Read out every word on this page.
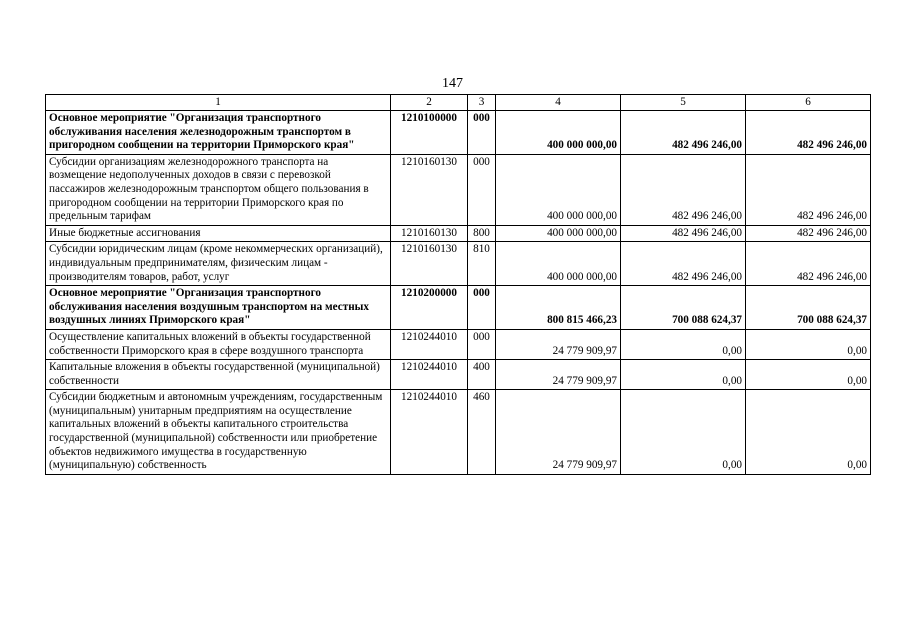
147
1	2	3	4	5	6
Основное мероприятие "Организация транспортного обслуживания населения железнодорожным транспортом в пригородном сообщении на территории Приморского края"	1210100000	000	400 000 000,00	482 496 246,00	482 496 246,00
Субсидии организациям железнодорожного транспорта на возмещение недополученных доходов в связи с перевозкой пассажиров железнодорожным транспортом общего пользования в пригородном сообщении на территории Приморского края по предельным тарифам	1210160130	000	400 000 000,00	482 496 246,00	482 496 246,00
Иные бюджетные ассигнования	1210160130	800	400 000 000,00	482 496 246,00	482 496 246,00
Субсидии юридическим лицам (кроме некоммерческих организаций), индивидуальным предпринимателям, физическим лицам - производителям товаров, работ, услуг	1210160130	810	400 000 000,00	482 496 246,00	482 496 246,00
Основное мероприятие "Организация транспортного обслуживания населения воздушным транспортом на местных воздушных линиях Приморского края"	1210200000	000	800 815 466,23	700 088 624,37	700 088 624,37
Осуществление капитальных вложений в объекты государственной собственности Приморского края в сфере воздушного транспорта	1210244010	000	24 779 909,97	0,00	0,00
Капитальные вложения в объекты государственной (муниципальной) собственности	1210244010	400	24 779 909,97	0,00	0,00
Субсидии бюджетным и автономным учреждениям, государственным (муниципальным) унитарным предприятиям на осуществление капитальных вложений в объекты капитального строительства государственной (муниципальной) собственности или приобретение объектов недвижимого имущества в государственную (муниципальную) собственность	1210244010	460	24 779 909,97	0,00	0,00
